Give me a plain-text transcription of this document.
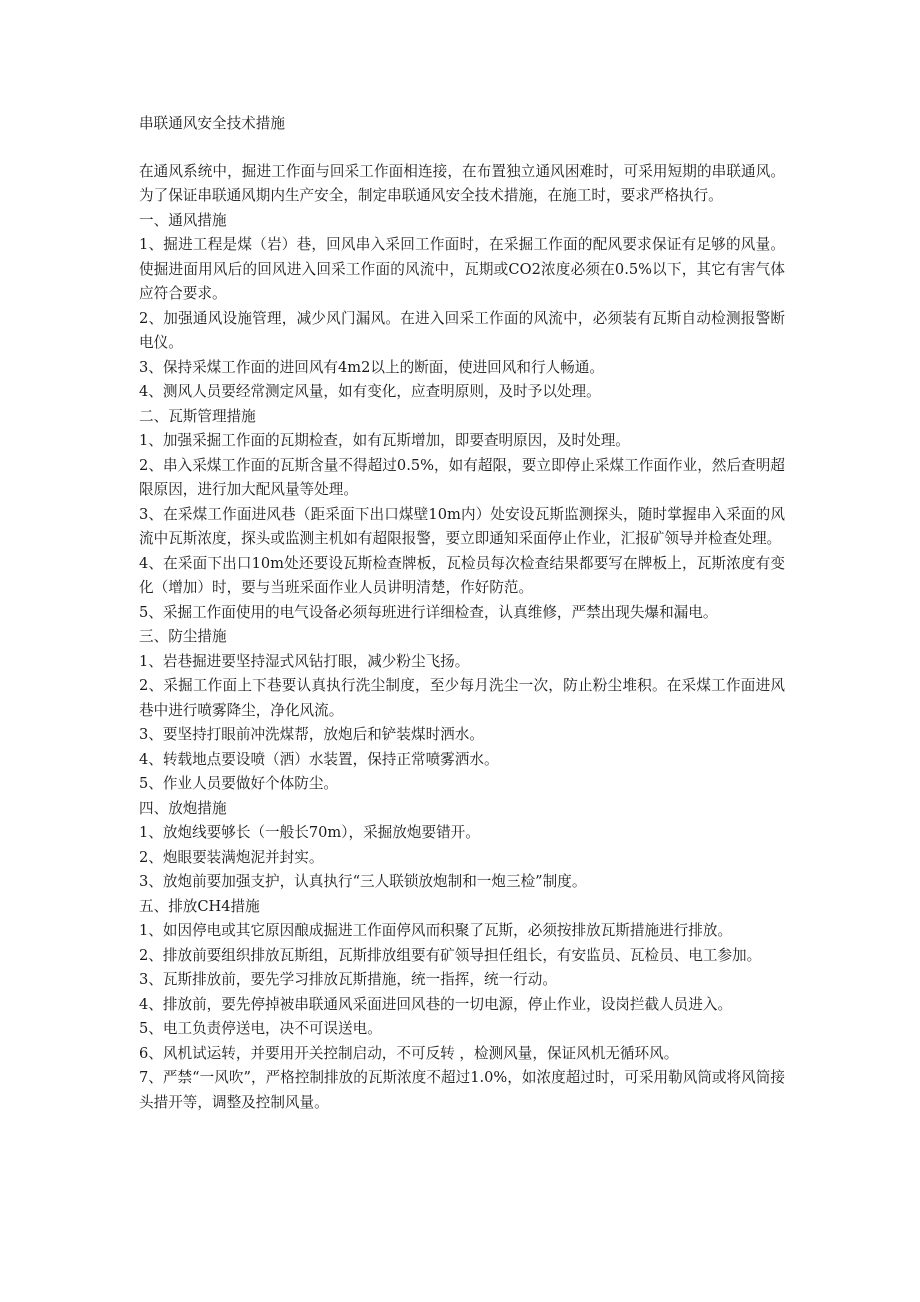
串联通风安全技术措施

在通风系统中，掘进工作面与回采工作面相连接，在布置独立通风困难时，可采用短期的串联通风。为了保证串联通风期内生产安全，制定串联通风安全技术措施，在施工时，要求严格执行。

一、通风措施

1、掘进工程是煤（岩）巷，回风串入采回工作面时，在采掘工作面的配风要求保证有足够的风量。使掘进面用风后的回风进入回采工作面的风流中，瓦期或CO2浓度必须在0.5%以下，其它有害气体应符合要求。

2、加强通风设施管理，减少风门漏风。在进入回采工作面的风流中，必须装有瓦斯自动检测报警断电仪。

3、保持采煤工作面的进回风有4m2以上的断面，使进回风和行人畅通。

4、测风人员要经常测定风量，如有变化，应查明原则，及时予以处理。

二、瓦斯管理措施

1、加强采掘工作面的瓦期检查，如有瓦斯增加，即要查明原因，及时处理。

2、串入采煤工作面的瓦斯含量不得超过0.5%，如有超限，要立即停止采煤工作面作业，然后查明超限原因，进行加大配风量等处理。

3、在采煤工作面进风巷（距采面下出口煤壁10m内）处安设瓦斯监测探头，随时掌握串入采面的风流中瓦斯浓度，探头或监测主机如有超限报警，要立即通知采面停止作业，汇报矿领导并检查处理。

4、在采面下出口10m处还要设瓦斯检查牌板，瓦检员每次检查结果都要写在牌板上，瓦斯浓度有变化（增加）时，要与当班采面作业人员讲明清楚，作好防范。

5、采掘工作面使用的电气设备必须每班进行详细检查，认真维修，严禁出现失爆和漏电。

三、防尘措施

1、岩巷掘进要坚持湿式风钻打眼，减少粉尘飞扬。

2、采掘工作面上下巷要认真执行洗尘制度，至少每月洗尘一次，防止粉尘堆积。在采煤工作面进风巷中进行喷雾降尘，净化风流。

3、要坚持打眼前冲洗煤帮，放炮后和铲装煤时洒水。

4、转载地点要设喷（洒）水装置，保持正常喷雾洒水。

5、作业人员要做好个体防尘。

四、放炮措施

1、放炮线要够长（一般长70m），采掘放炮要错开。

2、炮眼要装满炮泥并封实。

3、放炮前要加强支护，认真执行“三人联锁放炮制和一炮三检”制度。

五、排放CH4措施

1、如因停电或其它原因酿成掘进工作面停风而积聚了瓦斯，必须按排放瓦斯措施进行排放。

2、排放前要组织排放瓦斯组，瓦斯排放组要有矿领导担任组长，有安监员、瓦检员、电工参加。

3、瓦斯排放前，要先学习排放瓦斯措施，统一指挥，统一行动。

4、排放前，要先停掉被串联通风采面进回风巷的一切电源，停止作业，设岗拦截人员进入。

5、电工负责停送电，决不可误送电。

6、风机试运转，并要用开关控制启动，不可反转 ，检测风量，保证风机无循环风。

7、严禁“一风吹”，严格控制排放的瓦斯浓度不超过1.0%，如浓度超过时，可采用勒风筒或将风筒接头措开等，调整及控制风量。
